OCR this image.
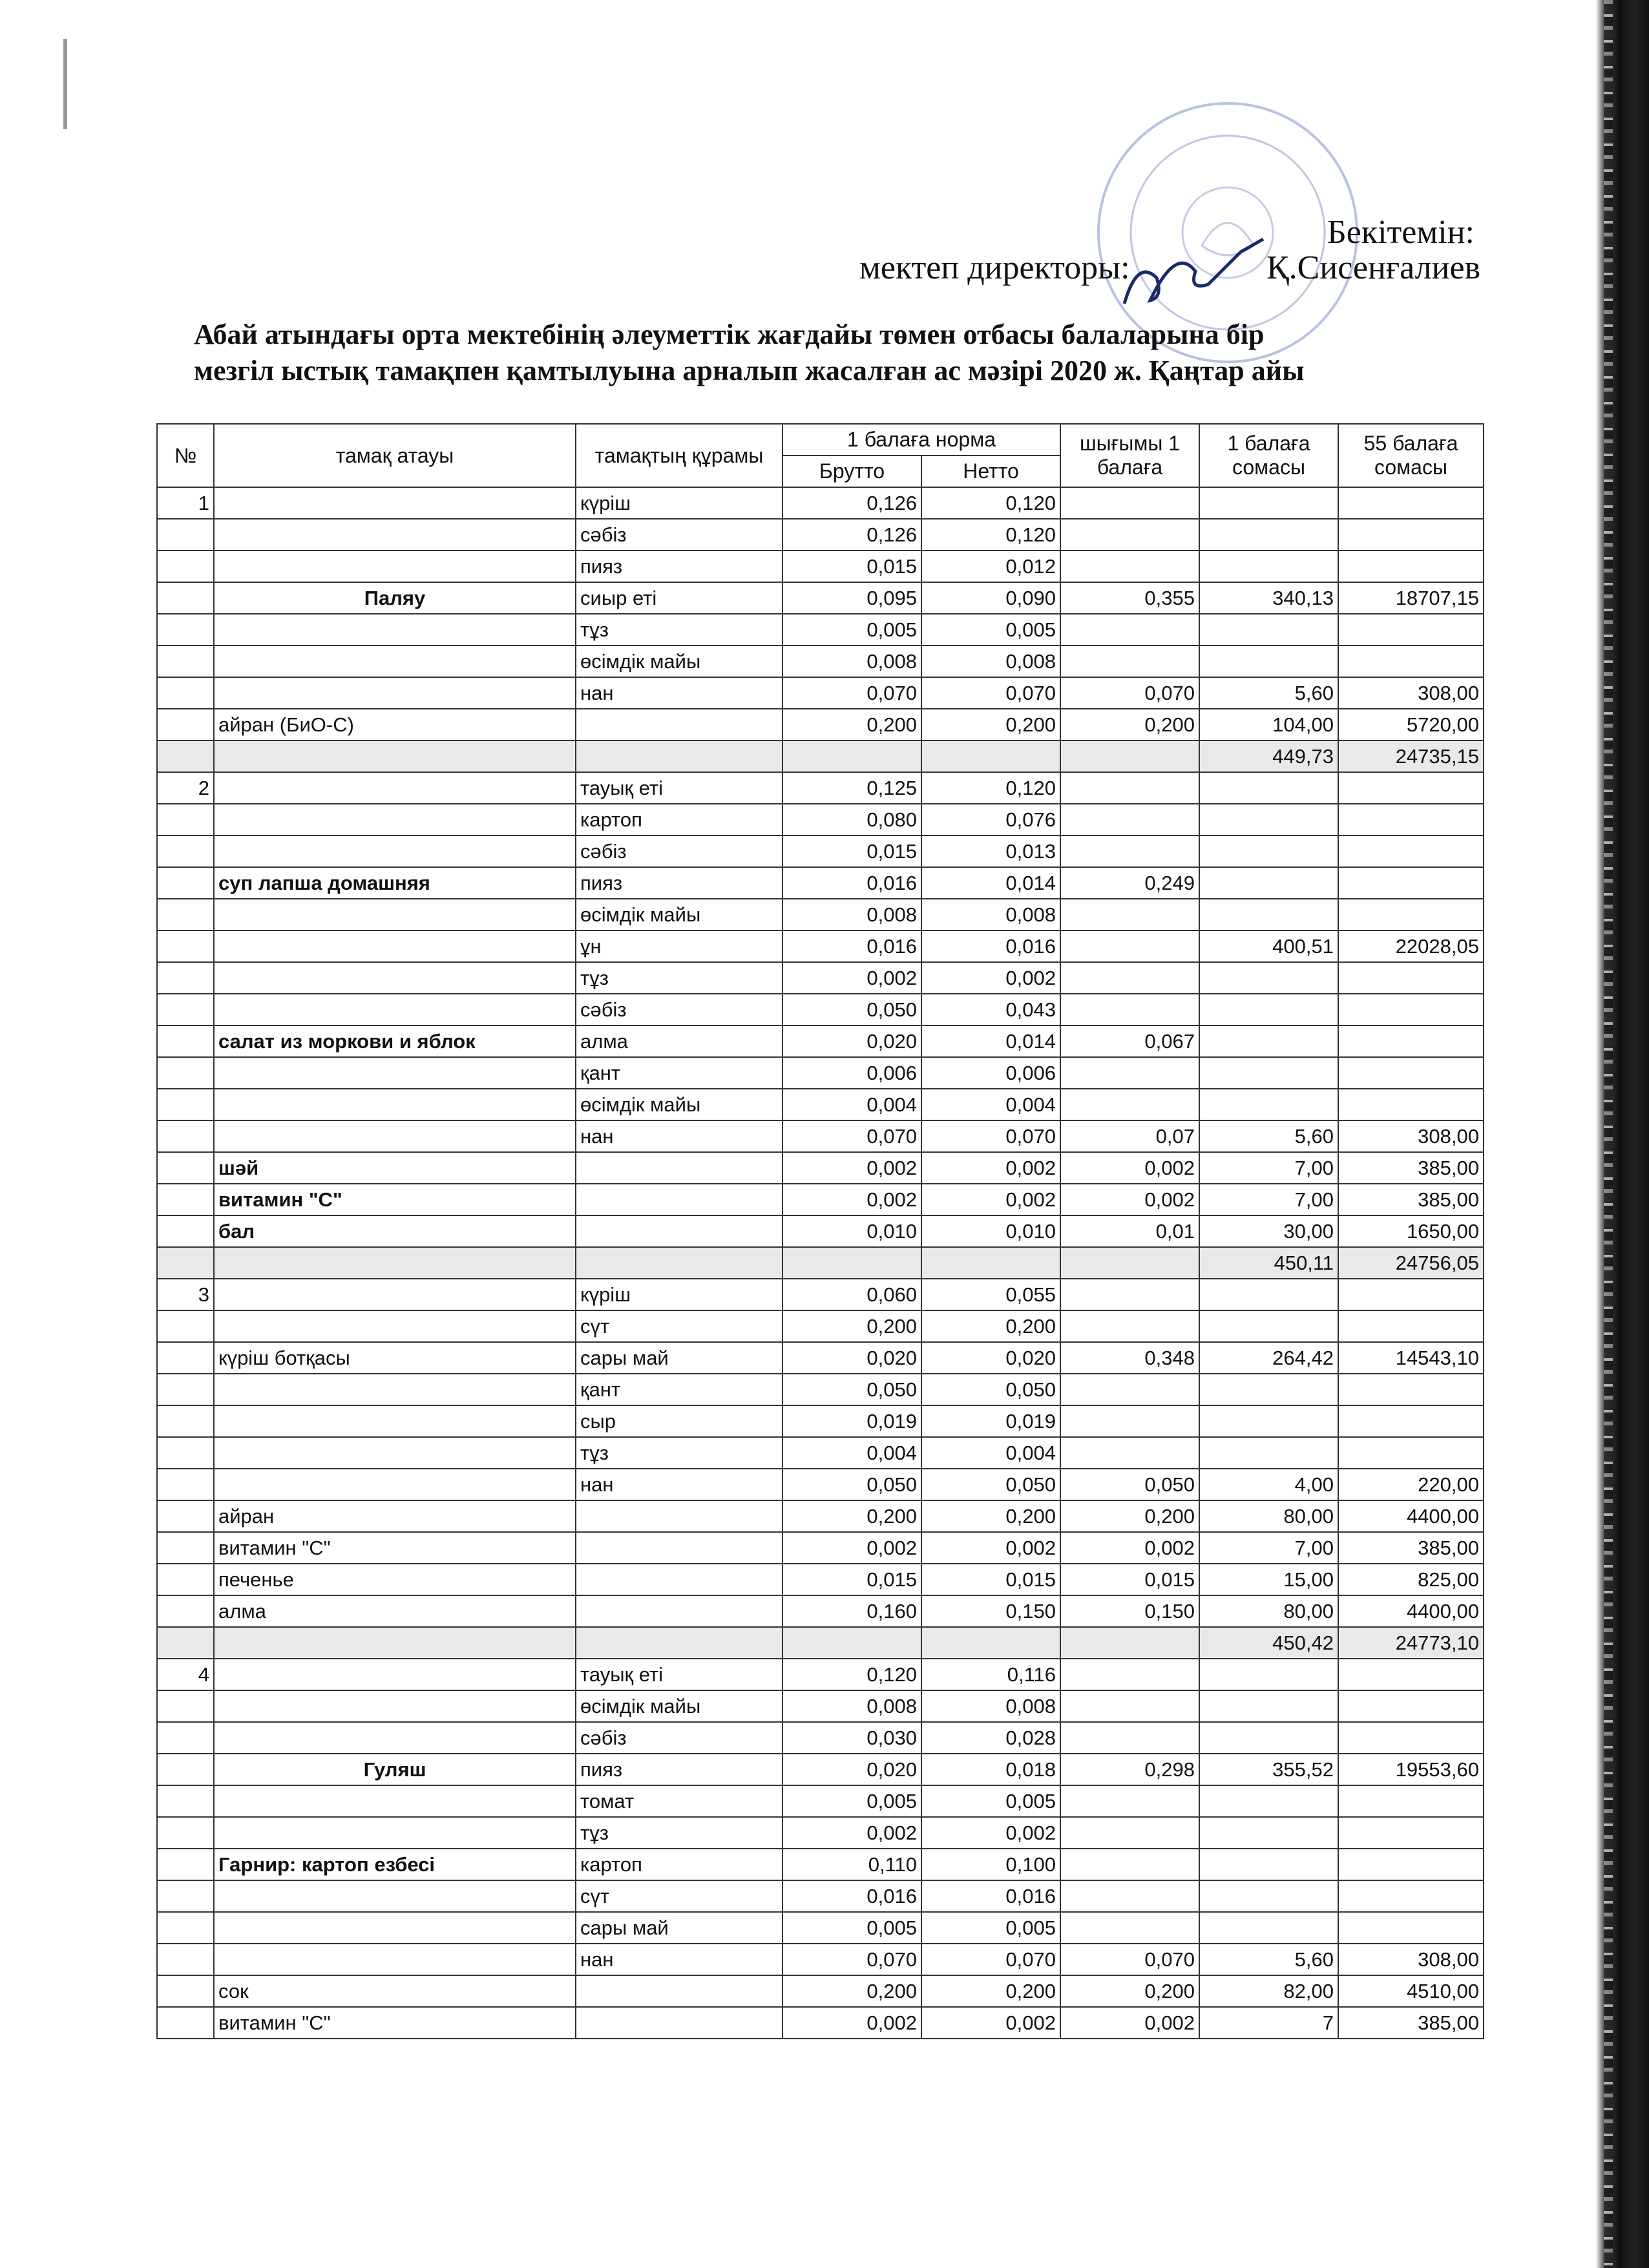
Бекітемін:
мектеп директоры:	Қ.Сисенғалиев
Абай атындағы орта мектебінің әлеуметтік жағдайы төмен отбасы балаларына бір

мезгіл ыстық тамақпен қамтылуына арналып жасалған ас мәзірі 2020 ж. Қаңтар айы
№	тамақ атауы	тамақтың құрамы	1 балаға норма		шығымы 1 балаға	1 балаға сомасы	55 балаға сомасы
			Брутто	Нетто			
1		күріш	0,126	0,120			
		сәбіз	0,126	0,120			
		пияз	0,015	0,012			
	Паляу	сиыр еті	0,095	0,090	0,355	340,13	18707,15
		тұз	0,005	0,005			
		өсімдік майы	0,008	0,008			
		нан	0,070	0,070	0,070	5,60	308,00
	айран (БиО-С)		0,200	0,200	0,200	104,00	5720,00
						449,73	24735,15
2		тауық еті	0,125	0,120			
		картоп	0,080	0,076			
		сәбіз	0,015	0,013			
	суп лапша домашняя	пияз	0,016	0,014	0,249		
		өсімдік майы	0,008	0,008			
		ұн	0,016	0,016		400,51	22028,05
		тұз	0,002	0,002			
		сәбіз	0,050	0,043			
	салат из моркови и яблок	алма	0,020	0,014	0,067		
		қант	0,006	0,006			
		өсімдік майы	0,004	0,004			
		нан	0,070	0,070	0,07	5,60	308,00
	шәй		0,002	0,002	0,002	7,00	385,00
	витамин "С"		0,002	0,002	0,002	7,00	385,00
	бал		0,010	0,010	0,01	30,00	1650,00
						450,11	24756,05
3		күріш	0,060	0,055			
		сүт	0,200	0,200			
	күріш ботқасы	сары май	0,020	0,020	0,348	264,42	14543,10
		қант	0,050	0,050			
		сыр	0,019	0,019			
		тұз	0,004	0,004			
		нан	0,050	0,050	0,050	4,00	220,00
	айран		0,200	0,200	0,200	80,00	4400,00
	витамин "С"		0,002	0,002	0,002	7,00	385,00
	печенье		0,015	0,015	0,015	15,00	825,00
	алма		0,160	0,150	0,150	80,00	4400,00
						450,42	24773,10
4		тауық еті	0,120	0,116			
		өсімдік майы	0,008	0,008			
		сәбіз	0,030	0,028			
	Гуляш	пияз	0,020	0,018	0,298	355,52	19553,60
		томат	0,005	0,005			
		тұз	0,002	0,002			
	Гарнир: картоп езбесі	картоп	0,110	0,100			
		сүт	0,016	0,016			
		сары май	0,005	0,005			
		нан	0,070	0,070	0,070	5,60	308,00
	сок		0,200	0,200	0,200	82,00	4510,00
	витамин "С"		0,002	0,002	0,002	7	385,00
